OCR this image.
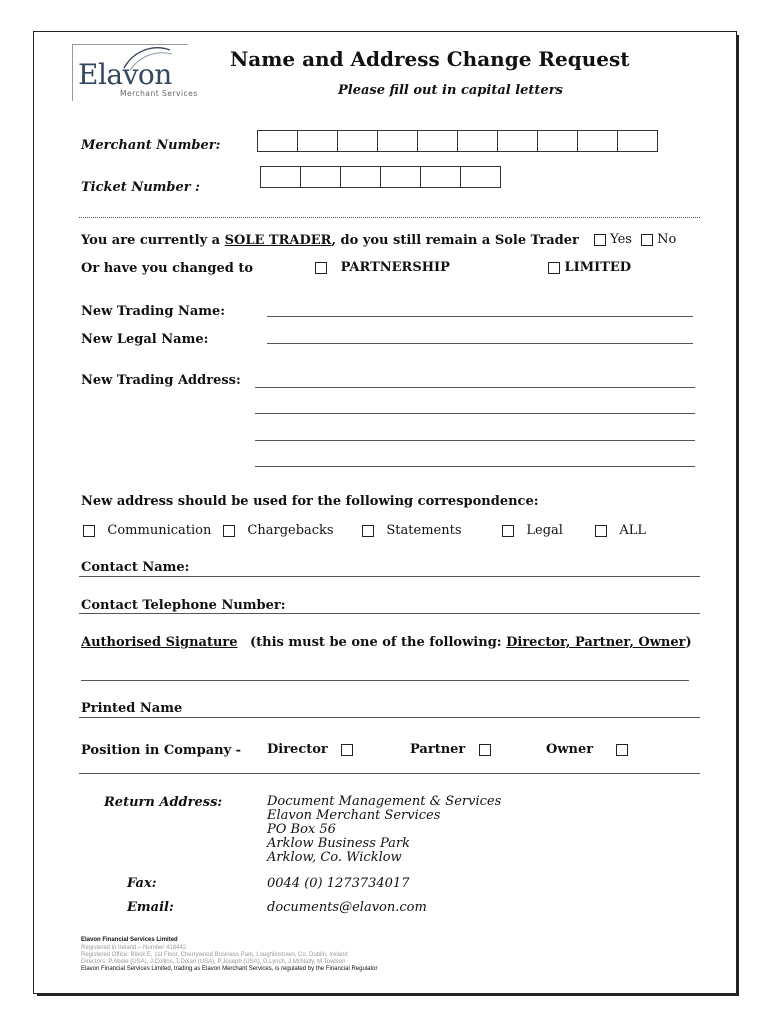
Elavon
Merchant Services
Name and Address Change Request
Please fill out in capital letters
Merchant Number:
Ticket Number :
You are currently a SOLE TRADER, do you still remain a Sole Trader	Yes	No
Or have you changed to	PARTNERSHIP	LIMITED
New Trading Name:
New Legal Name:
New Trading Address:
New address should be used for the following correspondence:
Communication	Chargebacks	Statements	Legal	ALL
Contact Name:
Contact Telephone Number:
Authorised Signature (this must be one of the following: Director, Partner, Owner)
Printed Name
Position in Company - Director	Partner	Owner
Return Address:	Document Management & Services
Elavon Merchant Services
PO Box 56
Arklow Business Park
Arklow, Co. Wicklow
Fax:	0044 (0) 1273734017
Email:	documents@elavon.com
Elavon Financial Services Limited
Registered in Ireland – Number 418442
Registered Office: Block E, 1st Floor, Cherrywood Business Park, Loughlinstown, Co. Dublin, Ireland
Directors: P.Abele (USA), J.Collins, T.Dolan (USA), P.Joseph (USA), D.Lynch, J.McNally, M.Towlson
Elavon Financial Services Limited, trading as Elavon Merchant Services, is regulated by the Financial Regulator
